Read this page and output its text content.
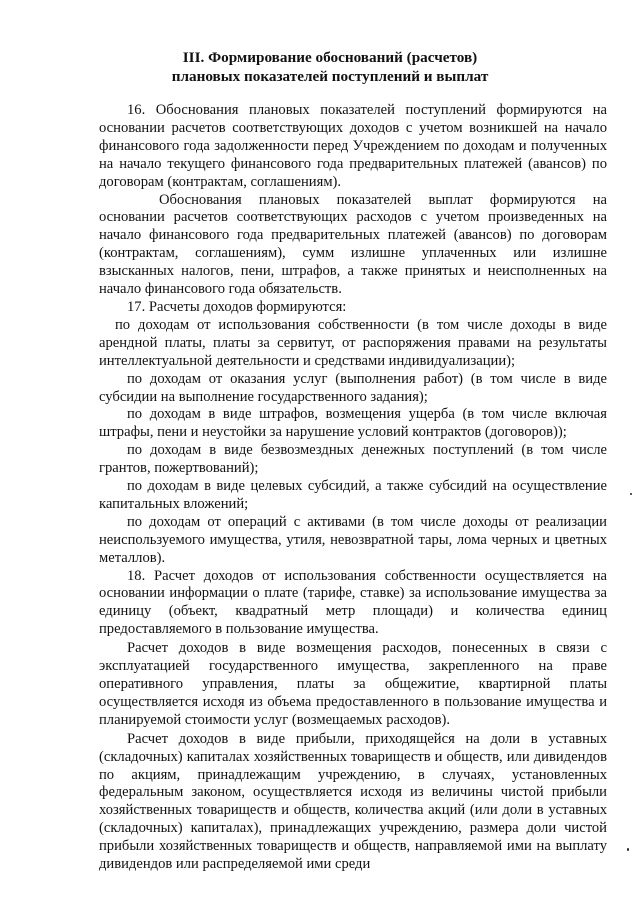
III. Формирование обоснований (расчетов)
плановых показателей поступлений и выплат

16. Обоснования плановых показателей поступлений формируются на основании расчетов соответствующих доходов с учетом возникшей на начало финансового года задолженности перед Учреждением по доходам и полученных на начало текущего финансового года предварительных платежей (авансов) по договорам (контрактам, соглашениям).

Обоснования плановых показателей выплат формируются на основании расчетов соответствующих расходов с учетом произведенных на начало финансового года предварительных платежей (авансов) по договорам (контрактам, соглашениям), сумм излишне уплаченных или излишне взысканных налогов, пени, штрафов, а также принятых и неисполненных на начало финансового года обязательств.

17. Расчеты доходов формируются:

по доходам от использования собственности (в том числе доходы в виде арендной платы, платы за сервитут, от распоряжения правами на результаты интеллектуальной деятельности и средствами индивидуализации);

по доходам от оказания услуг (выполнения работ) (в том числе в виде субсидии на выполнение государственного задания);

по доходам в виде штрафов, возмещения ущерба (в том числе включая штрафы, пени и неустойки за нарушение условий контрактов (договоров));

по доходам в виде безвозмездных денежных поступлений (в том числе грантов, пожертвований);

по доходам в виде целевых субсидий, а также субсидий на осуществление капитальных вложений;

по доходам от операций с активами (в том числе доходы от реализации неиспользуемого имущества, утиля, невозвратной тары, лома черных и цветных металлов).

18. Расчет доходов от использования собственности осуществляется на основании информации о плате (тарифе, ставке) за использование имущества за единицу (объект, квадратный метр площади) и количества единиц предоставляемого в пользование имущества.

Расчет доходов в виде возмещения расходов, понесенных в связи с эксплуатацией государственного имущества, закрепленного на праве оперативного управления, платы за общежитие, квартирной платы осуществляется исходя из объема предоставленного в пользование имущества и планируемой стоимости услуг (возмещаемых расходов).

Расчет доходов в виде прибыли, приходящейся на доли в уставных (складочных) капиталах хозяйственных товариществ и обществ, или дивидендов по акциям, принадлежащим учреждению, в случаях, установленных федеральным законом, осуществляется исходя из величины чистой прибыли хозяйственных товариществ и обществ, количества акций (или доли в уставных (складочных) капиталах), принадлежащих учреждению, размера доли чистой прибыли хозяйственных товариществ и обществ, направляемой ими на выплату дивидендов или распределяемой ими среди
